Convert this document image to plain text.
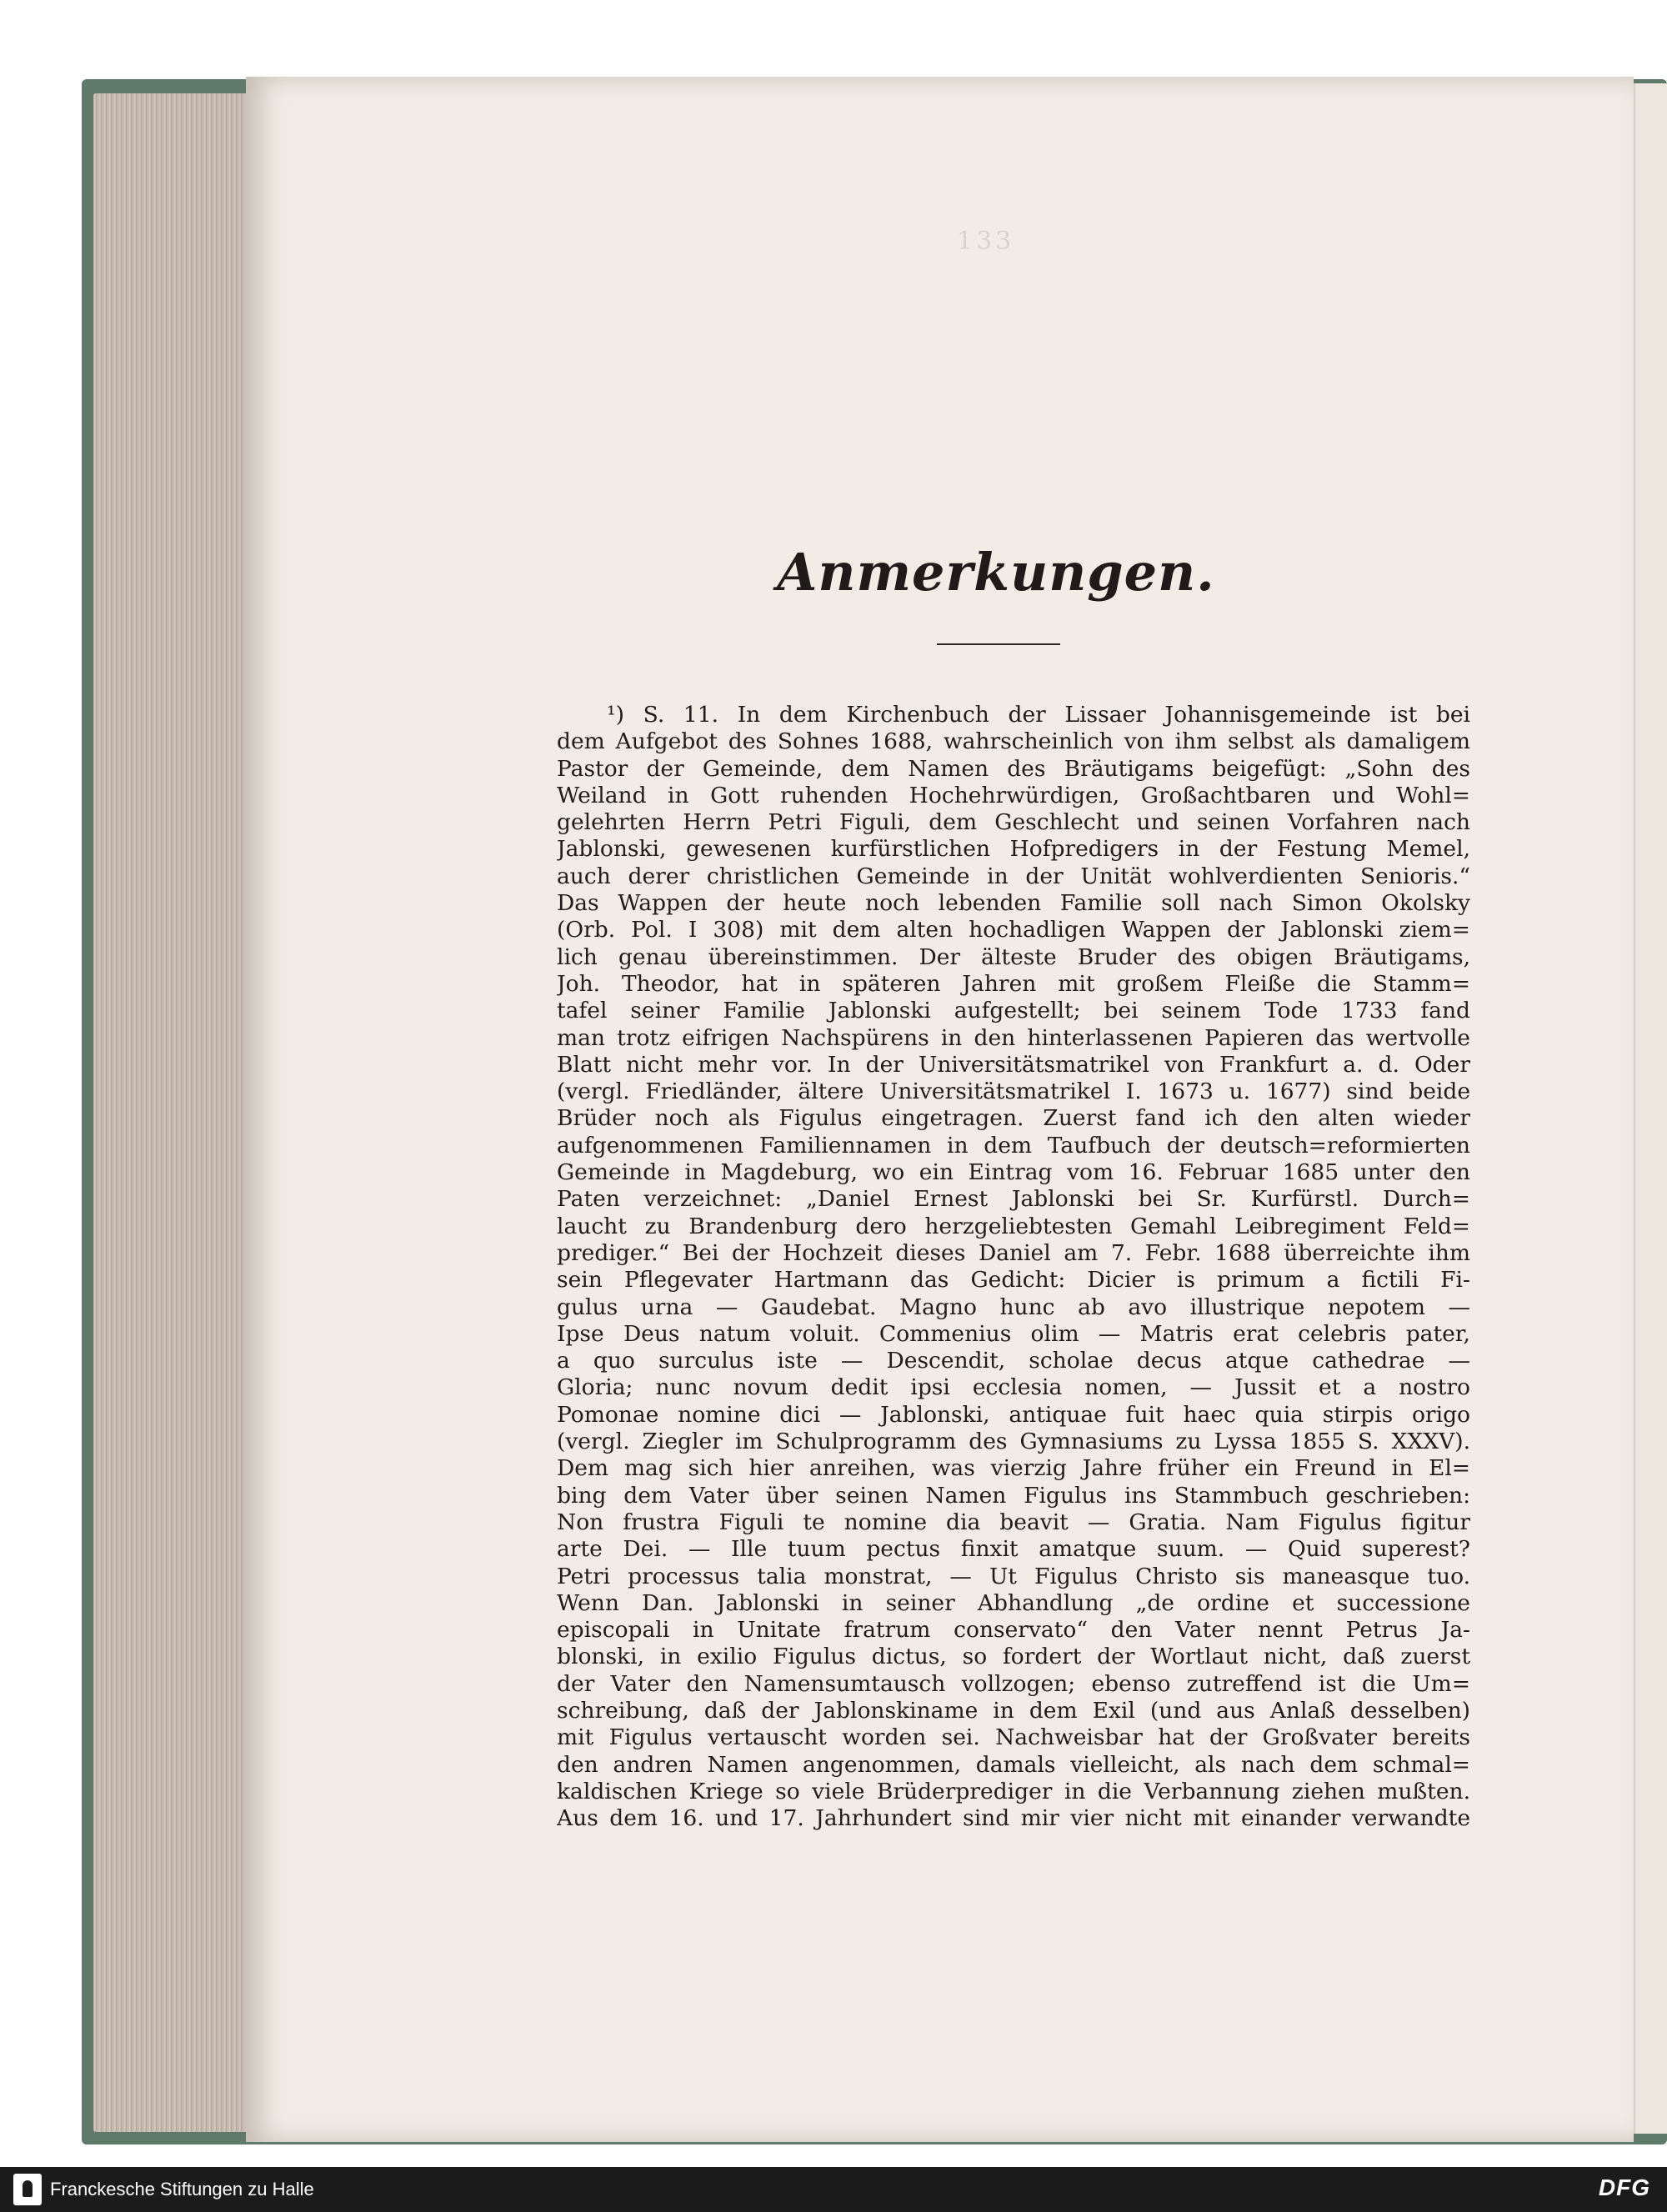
133
Anmerkungen.
¹) S. 11. In dem Kirchenbuch der Lissaer Johannisgemeinde ist bei
dem Aufgebot des Sohnes 1688, wahrscheinlich von ihm selbst als damaligem
Pastor der Gemeinde, dem Namen des Bräutigams beigefügt: „Sohn des
Weiland in Gott ruhenden Hochehrwürdigen, Großachtbaren und Wohl=
gelehrten Herrn Petri Figuli, dem Geschlecht und seinen Vorfahren nach
Jablonski, gewesenen kurfürstlichen Hofpredigers in der Festung Memel,
auch derer christlichen Gemeinde in der Unität wohlverdienten Senioris.“
Das Wappen der heute noch lebenden Familie soll nach Simon Okolsky
(Orb. Pol. I 308) mit dem alten hochadligen Wappen der Jablonski ziem=
lich genau übereinstimmen. Der älteste Bruder des obigen Bräutigams,
Joh. Theodor, hat in späteren Jahren mit großem Fleiße die Stamm=
tafel seiner Familie Jablonski aufgestellt; bei seinem Tode 1733 fand
man trotz eifrigen Nachspürens in den hinterlassenen Papieren das wertvolle
Blatt nicht mehr vor. In der Universitätsmatrikel von Frankfurt a. d. Oder
(vergl. Friedländer, ältere Universitätsmatrikel I. 1673 u. 1677) sind beide
Brüder noch als Figulus eingetragen. Zuerst fand ich den alten wieder
aufgenommenen Familiennamen in dem Taufbuch der deutsch=reformierten
Gemeinde in Magdeburg, wo ein Eintrag vom 16. Februar 1685 unter den
Paten verzeichnet: „Daniel Ernest Jablonski bei Sr. Kurfürstl. Durch=
laucht zu Brandenburg dero herzgeliebtesten Gemahl Leibregiment Feld=
prediger.“ Bei der Hochzeit dieses Daniel am 7. Febr. 1688 überreichte ihm
sein Pflegevater Hartmann das Gedicht: Dicier is primum a fictili Fi-
gulus urna — Gaudebat. Magno hunc ab avo illustrique nepotem —
Ipse Deus natum voluit. Commenius olim — Matris erat celebris pater,
a quo surculus iste — Descendit, scholae decus atque cathedrae —
Gloria; nunc novum dedit ipsi ecclesia nomen, — Jussit et a nostro
Pomonae nomine dici — Jablonski, antiquae fuit haec quia stirpis origo
(vergl. Ziegler im Schulprogramm des Gymnasiums zu Lyssa 1855 S. XXXV).
Dem mag sich hier anreihen, was vierzig Jahre früher ein Freund in El=
bing dem Vater über seinen Namen Figulus ins Stammbuch geschrieben:
Non frustra Figuli te nomine dia beavit — Gratia. Nam Figulus figitur
arte Dei. — Ille tuum pectus finxit amatque suum. — Quid superest?
Petri processus talia monstrat, — Ut Figulus Christo sis maneasque tuo.
Wenn Dan. Jablonski in seiner Abhandlung „de ordine et successione
episcopali in Unitate fratrum conservato“ den Vater nennt Petrus Ja-
blonski, in exilio Figulus dictus, so fordert der Wortlaut nicht, daß zuerst
der Vater den Namensumtausch vollzogen; ebenso zutreffend ist die Um=
schreibung, daß der Jablonskiname in dem Exil (und aus Anlaß desselben)
mit Figulus vertauscht worden sei. Nachweisbar hat der Großvater bereits
den andren Namen angenommen, damals vielleicht, als nach dem schmal=
kaldischen Kriege so viele Brüderprediger in die Verbannung ziehen mußten.
Aus dem 16. und 17. Jahrhundert sind mir vier nicht mit einander verwandte
Franckesche Stiftungen zu Halle	DFG
